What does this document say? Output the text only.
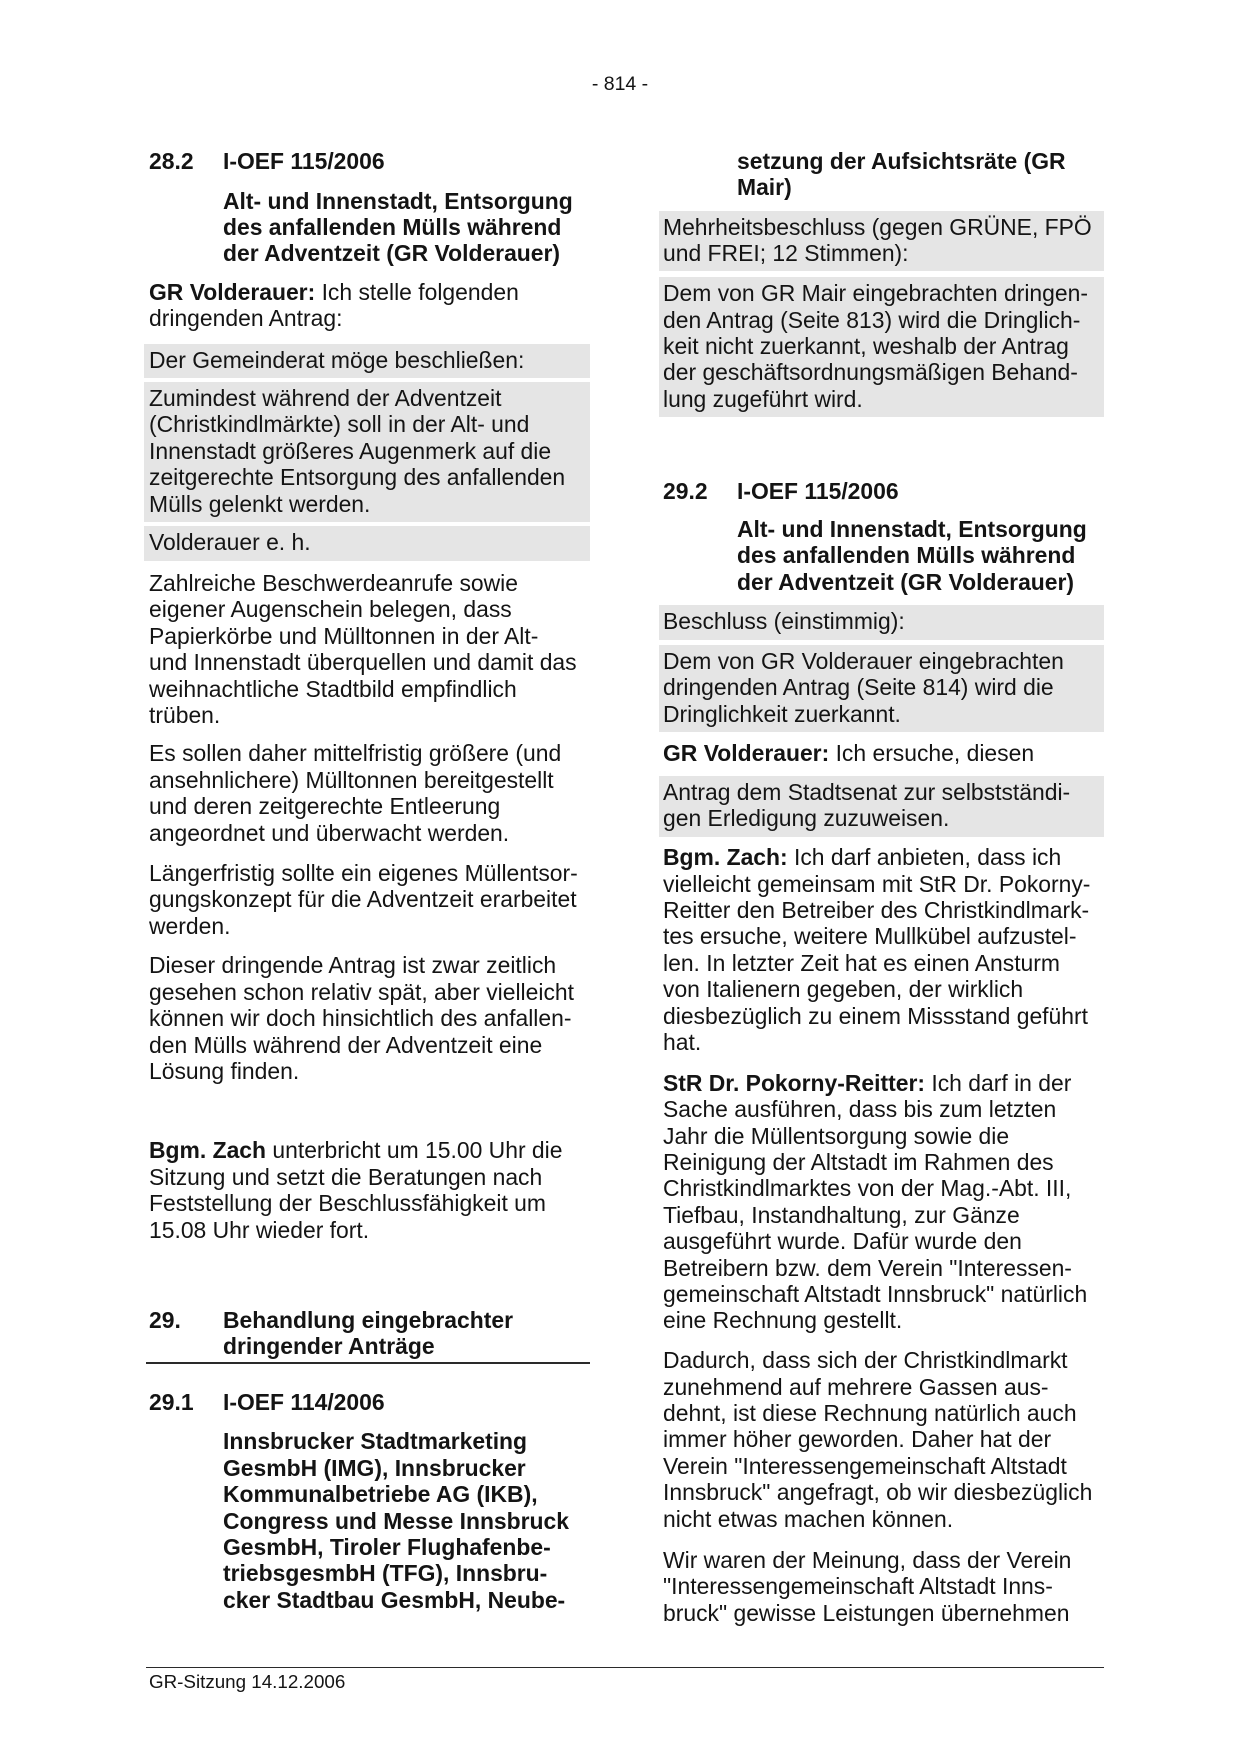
- 814 -
28.2	I-OEF 115/2006
Alt- und Innenstadt, Entsorgung
des anfallenden Mülls während
der Adventzeit (GR Volderauer)

GR Volderauer: Ich stelle folgenden
dringenden Antrag:

Der Gemeinderat möge beschließen:
Zumindest während der Adventzeit
(Christkindlmärkte) soll in der Alt- und
Innenstadt größeres Augenmerk auf die
zeitgerechte Entsorgung des anfallenden
Mülls gelenkt werden.
Volderauer e. h.

Zahlreiche Beschwerdeanrufe sowie
eigener Augenschein belegen, dass
Papierkörbe und Mülltonnen in der Alt-
und Innenstadt überquellen und damit das
weihnachtliche Stadtbild empfindlich
trüben.

Es sollen daher mittelfristig größere (und
ansehnlichere) Mülltonnen bereitgestellt
und deren zeitgerechte Entleerung
angeordnet und überwacht werden.

Längerfristig sollte ein eigenes Müllentsor-
gungskonzept für die Adventzeit erarbeitet
werden.

Dieser dringende Antrag ist zwar zeitlich
gesehen schon relativ spät, aber vielleicht
können wir doch hinsichtlich des anfallen-
den Mülls während der Adventzeit eine
Lösung finden.

Bgm. Zach unterbricht um 15.00 Uhr die
Sitzung und setzt die Beratungen nach
Feststellung der Beschlussfähigkeit um
15.08 Uhr wieder fort.

29.	Behandlung eingebrachter
dringender Anträge
29.1	I-OEF 114/2006
Innsbrucker Stadtmarketing
GesmbH (IMG), Innsbrucker
Kommunalbetriebe AG (IKB),
Congress und Messe Innsbruck
GesmbH, Tiroler Flughafenbe-
triebsgesmbH (TFG), Innsbru-
cker Stadtbau GesmbH, Neube-
setzung der Aufsichtsräte (GR
Mair)
Mehrheitsbeschluss (gegen GRÜNE, FPÖ
und FREI; 12 Stimmen):
Dem von GR Mair eingebrachten dringen-
den Antrag (Seite 813) wird die Dringlich-
keit nicht zuerkannt, weshalb der Antrag
der geschäftsordnungsmäßigen Behand-
lung zugeführt wird.
29.2	I-OEF 115/2006
Alt- und Innenstadt, Entsorgung
des anfallenden Mülls während
der Adventzeit (GR Volderauer)
Beschluss (einstimmig):
Dem von GR Volderauer eingebrachten
dringenden Antrag (Seite 814) wird die
Dringlichkeit zuerkannt.

GR Volderauer: Ich ersuche, diesen

Antrag dem Stadtsenat zur selbstständi-
gen Erledigung zuzuweisen.

Bgm. Zach: Ich darf anbieten, dass ich
vielleicht gemeinsam mit StR Dr. Pokorny-
Reitter den Betreiber des Christkindlmark-
tes ersuche, weitere Mullkübel aufzustel-
len. In letzter Zeit hat es einen Ansturm
von Italienern gegeben, der wirklich
diesbezüglich zu einem Missstand geführt
hat.

StR Dr. Pokorny-Reitter: Ich darf in der
Sache ausführen, dass bis zum letzten
Jahr die Müllentsorgung sowie die
Reinigung der Altstadt im Rahmen des
Christkindlmarktes von der Mag.-Abt. III,
Tiefbau, Instandhaltung, zur Gänze
ausgeführt wurde. Dafür wurde den
Betreibern bzw. dem Verein "Interessen-
gemeinschaft Altstadt Innsbruck" natürlich
eine Rechnung gestellt.

Dadurch, dass sich der Christkindlmarkt
zunehmend auf mehrere Gassen aus-
dehnt, ist diese Rechnung natürlich auch
immer höher geworden. Daher hat der
Verein "Interessengemeinschaft Altstadt
Innsbruck" angefragt, ob wir diesbezüglich
nicht etwas machen können.

Wir waren der Meinung, dass der Verein
"Interessengemeinschaft Altstadt Inns-
bruck" gewisse Leistungen übernehmen

GR-Sitzung 14.12.2006
